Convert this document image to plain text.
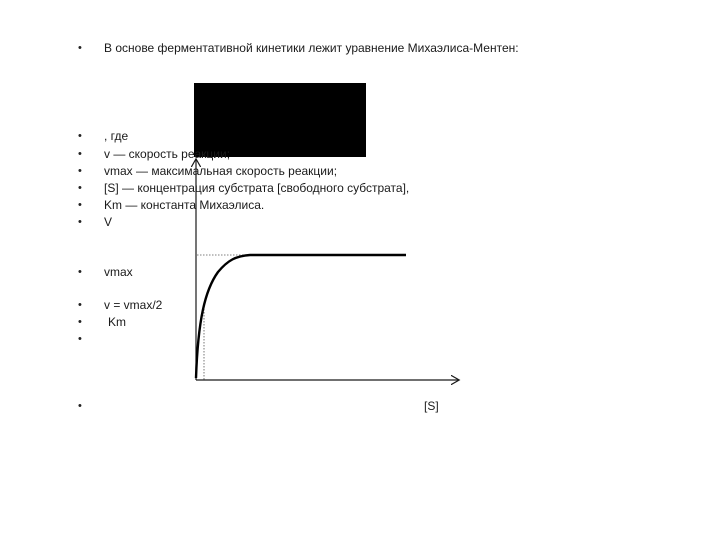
• В основе ферментативной кинетики лежит уравнение Михаэлиса-Ментен:
• , где
• v — скорость реакции;
• vmax — максимальная скорость реакции;
• [S] — концентрация субстрата [свободного субстрата],
• Km — константа Михаэлиса.
• V
• vmax
• v = vmax/2
• Km
•
•	[S]
